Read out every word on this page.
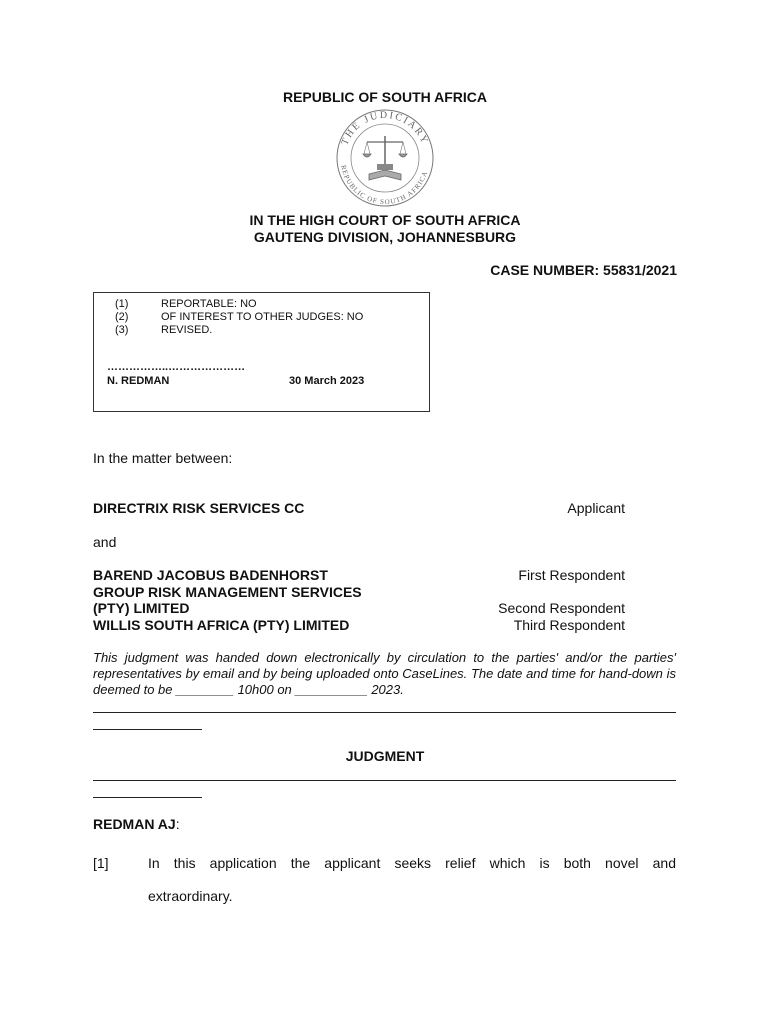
REPUBLIC OF SOUTH AFRICA
THE JUDICIARY
REPUBLIC OF SOUTH AFRICA
IN THE HIGH COURT OF SOUTH AFRICA
GAUTENG DIVISION, JOHANNESBURG
CASE NUMBER: 55831/2021
(1)	REPORTABLE: NO
(2)	OF INTEREST TO OTHER JUDGES: NO
(3)	REVISED.
……………..…………………
N. REDMAN	30 March 2023
In the matter between:
DIRECTRIX RISK SERVICES CC	Applicant
and
BAREND JACOBUS BADENHORST	First Respondent
GROUP RISK MANAGEMENT SERVICES
(PTY) LIMITED	Second Respondent
WILLIS SOUTH AFRICA (PTY) LIMITED	Third Respondent
This judgment was handed down electronically by circulation to the parties' and/or the parties' representatives by email and by being uploaded onto CaseLines. The date and time for hand-down is deemed to be ________ 10h00 on __________ 2023.
JUDGMENT
REDMAN AJ:
[1]	In this application the applicant seeks relief which is both novel and
extraordinary.
